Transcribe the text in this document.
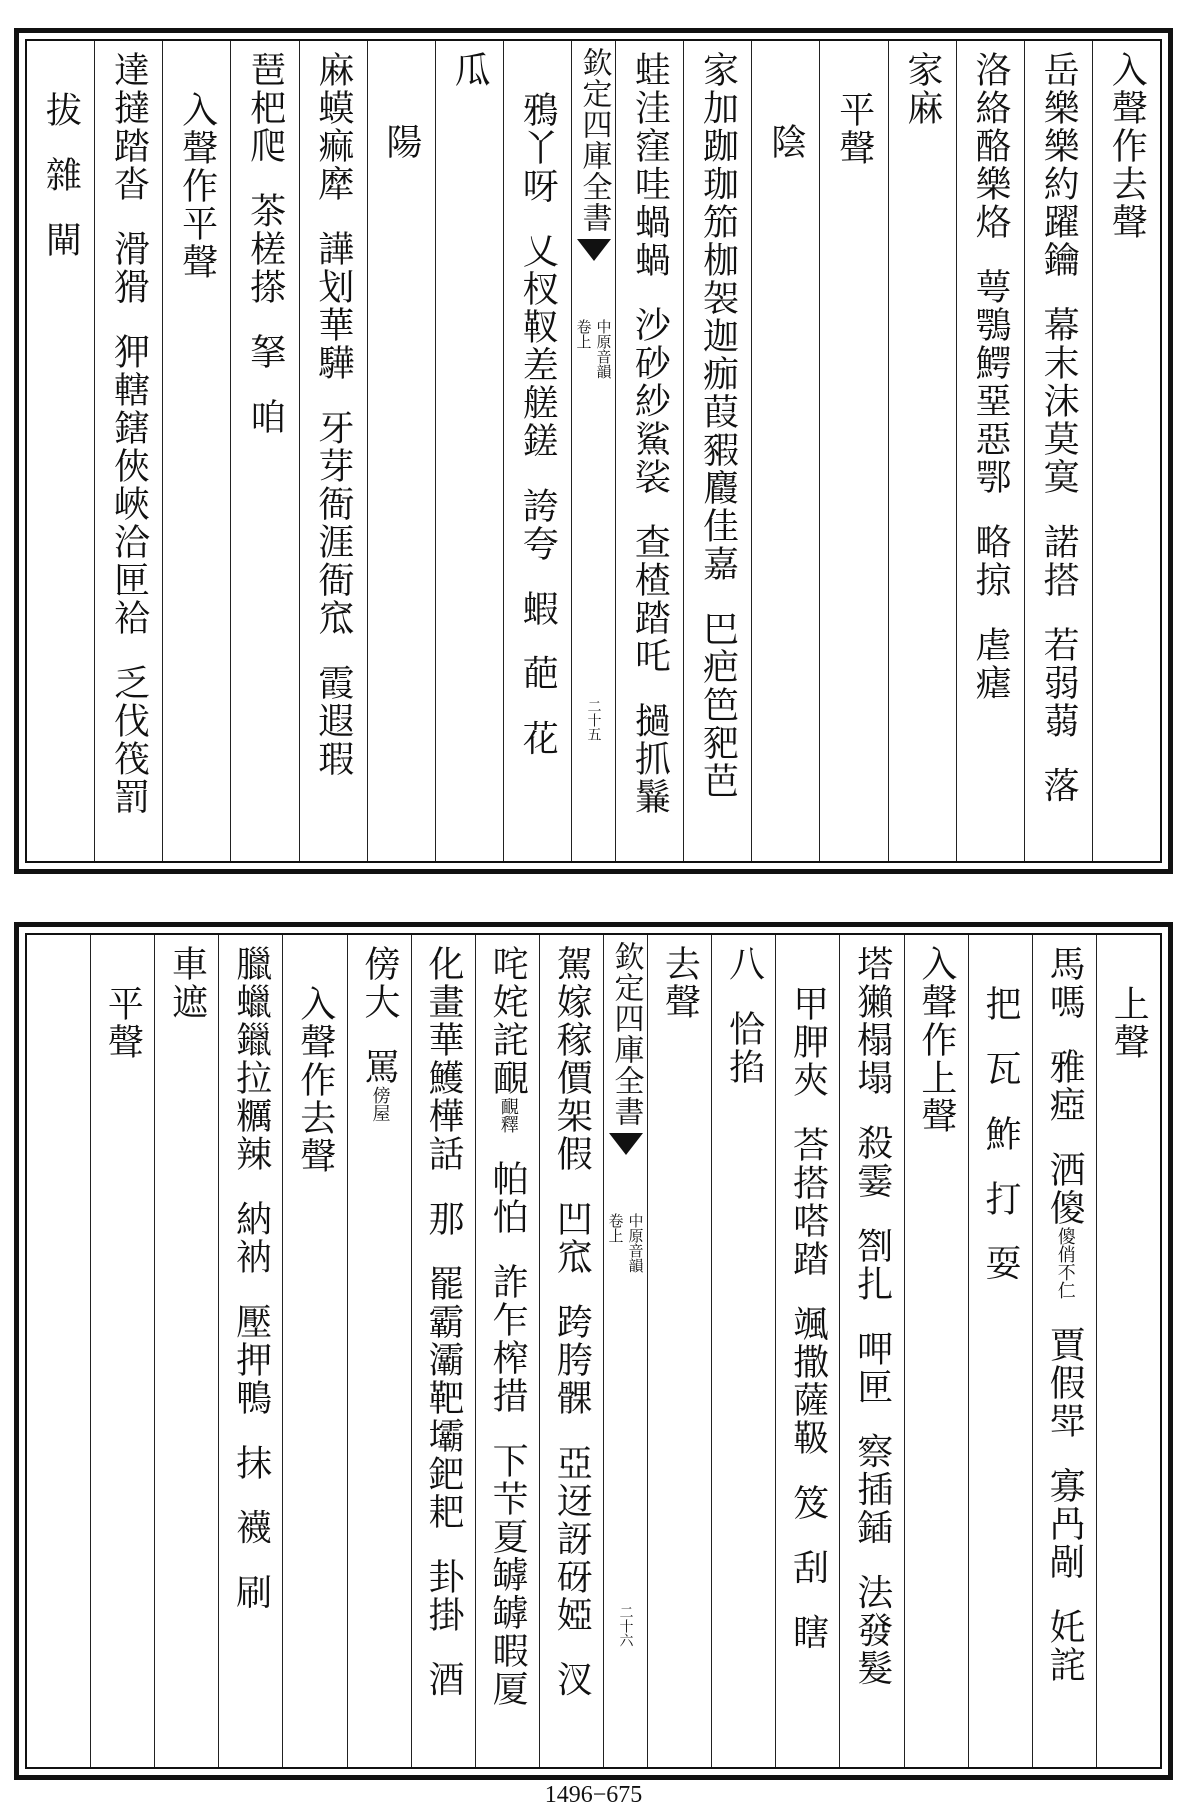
入聲作去聲
岳樂樂約躍鑰  幕末沫莫寞  諾搭  若弱蒻  落
洛絡酪樂烙  萼鶚鰐堊惡鄂  略掠  虐瘧
家麻
平聲
陰
家加跏珈笳枷袈迦痂葭豭麚佳嘉  巴疤笆豝芭
蛙洼窪哇蝸蝸  沙砂紗鯊裟  查楂踏吒  撾抓鬑
欽定四庫全書
中原音韻
卷上
二十五
鴉丫呀  乂杈靫差艖鎈  誇夸  蝦  葩  花
瓜
陽
麻蟆痲犘  譁划華驊  牙芽衙涯衙窊  霞遐瑕
琶杷爬  茶槎搽  拏  咱
入聲作平聲
達撻踏沓  滑猾  狎轄鎋俠峽洽匣袷  乏伐筏罰
拔  雜  閘
上聲
馬嗎  雅瘂  洒傻
傻俏不仁
賈假斝  寡冎剮  奼詫
把  瓦  鮓  打  耍
入聲作上聲
塔獺榻塌  殺霎  劄扎  呷匣  察插鍤  法發髮
甲胛夾  荅搭嗒踏  颯撒薩靸  笈  刮  瞎
八  恰掐
去聲
欽定四庫全書
中原音韻
卷上
二十六
駕嫁稼價架假  凹窊  跨胯髁  亞迓訝砑婭  汊
咤姹詫靦
靦釋
帕怕  詐乍榨措  下芐夏罅罅暇厦
化畫華鱯樺話  那  罷霸灞靶壩鈀耙  卦掛  酒
傍大  罵
傍屋
入聲作去聲
臘蠟鑞拉糲辣  納衲  壓押鴨  抹  襪  刷
車遮
平聲
1496−675
